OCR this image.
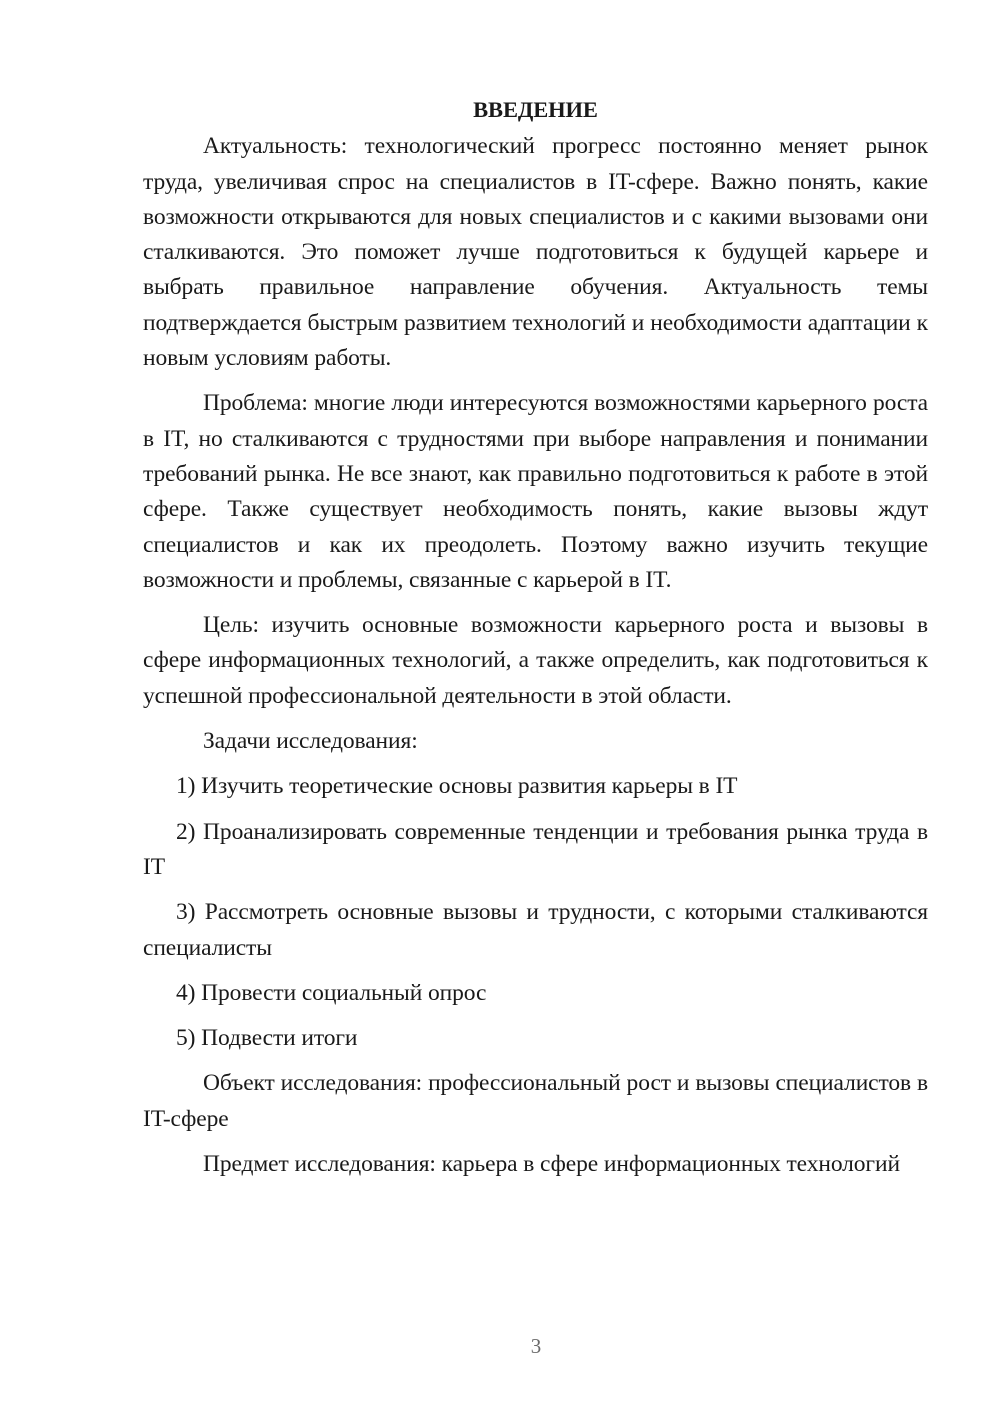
ВВЕДЕНИЕ

Актуальность: технологический прогресс постоянно меняет рынок труда, увеличивая спрос на специалистов в IT-сфере. Важно понять, какие возможности открываются для новых специалистов и с какими вызовами они сталкиваются. Это поможет лучше подготовиться к будущей карьере и выбрать правильное направление обучения. Актуальность темы подтверждается быстрым развитием технологий и необходимости адаптации к новым условиям работы.

Проблема: многие люди интересуются возможностями карьерного роста в IT, но сталкиваются с трудностями при выборе направления и понимании требований рынка. Не все знают, как правильно подготовиться к работе в этой сфере. Также существует необходимость понять, какие вызовы ждут специалистов и как их преодолеть. Поэтому важно изучить текущие возможности и проблемы, связанные с карьерой в IT.

Цель: изучить основные возможности карьерного роста и вызовы в сфере информационных технологий, а также определить, как подготовиться к успешной профессиональной деятельности в этой области.

Задачи исследования:

1) Изучить теоретические основы развития карьеры в IT

2) Проанализировать современные тенденции и требования рынка труда в IT

3) Рассмотреть основные вызовы и трудности, с которыми сталкиваются специалисты

4) Провести социальный опрос

5) Подвести итоги

Объект исследования: профессиональный рост и вызовы специалистов в IT-сфере

Предмет исследования: карьера в сфере информационных технологий

3
